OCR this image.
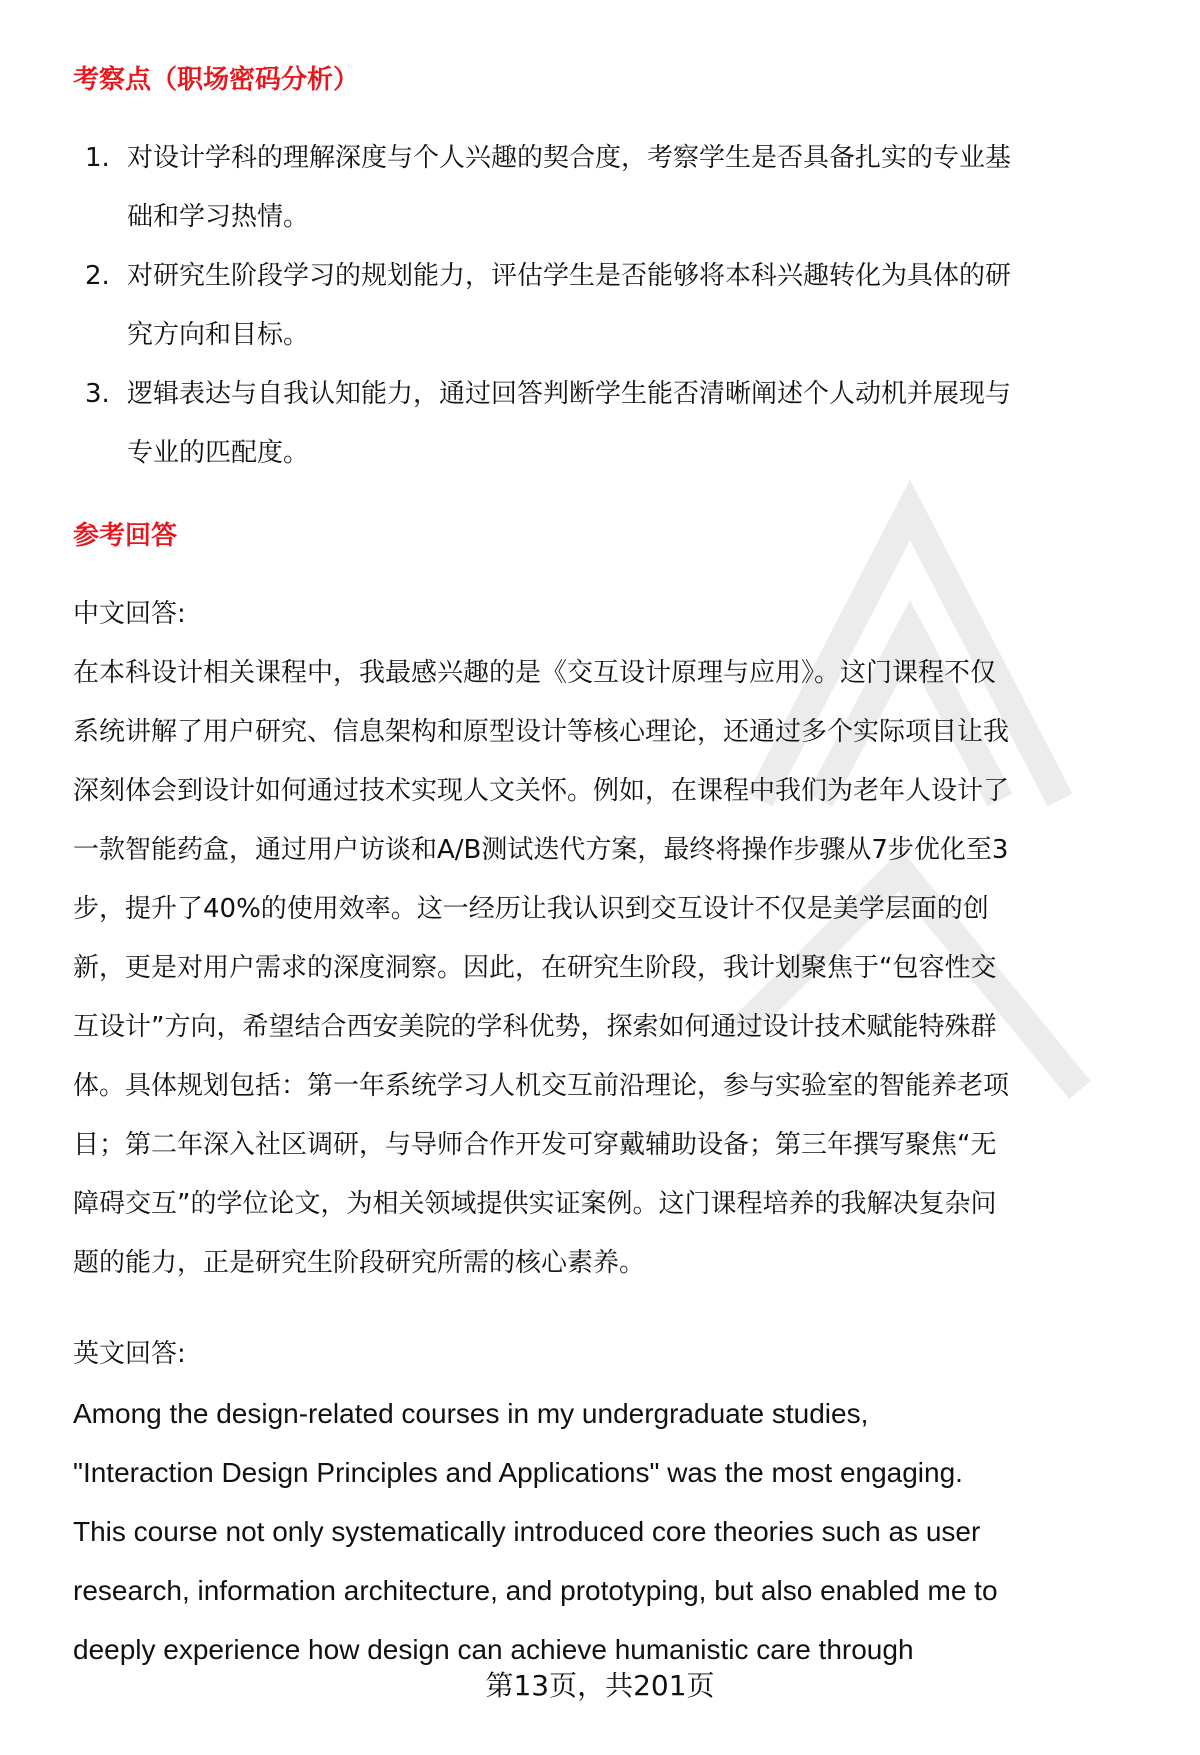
考察点（职场密码分析）
1. 对设计学科的理解深度与个人兴趣的契合度，考察学生是否具备扎实的专业基
础和学习热情。
2. 对研究生阶段学习的规划能力，评估学生是否能够将本科兴趣转化为具体的研
究方向和目标。
3. 逻辑表达与自我认知能力，通过回答判断学生能否清晰阐述个人动机并展现与
专业的匹配度。
参考回答
中文回答:
在本科设计相关课程中，我最感兴趣的是《交互设计原理与应用》。这门课程不仅
系统讲解了用户研究、信息架构和原型设计等核心理论，还通过多个实际项目让我
深刻体会到设计如何通过技术实现人文关怀。例如，在课程中我们为老年人设计了
一款智能药盒，通过用户访谈和A/B测试迭代方案，最终将操作步骤从7步优化至3
步，提升了40%的使用效率。这一经历让我认识到交互设计不仅是美学层面的创
新，更是对用户需求的深度洞察。因此，在研究生阶段，我计划聚焦于“包容性交
互设计”方向，希望结合西安美院的学科优势，探索如何通过设计技术赋能特殊群
体。具体规划包括：第一年系统学习人机交互前沿理论，参与实验室的智能养老项
目；第二年深入社区调研，与导师合作开发可穿戴辅助设备；第三年撰写聚焦“无
障碍交互”的学位论文，为相关领域提供实证案例。这门课程培养的我解决复杂问
题的能力，正是研究生阶段研究所需的核心素养。
英文回答:
Among the design-related courses in my undergraduate studies,
"Interaction Design Principles and Applications" was the most engaging.
This course not only systematically introduced core theories such as user
research, information architecture, and prototyping, but also enabled me to
deeply experience how design can achieve humanistic care through
第13页，共201页
